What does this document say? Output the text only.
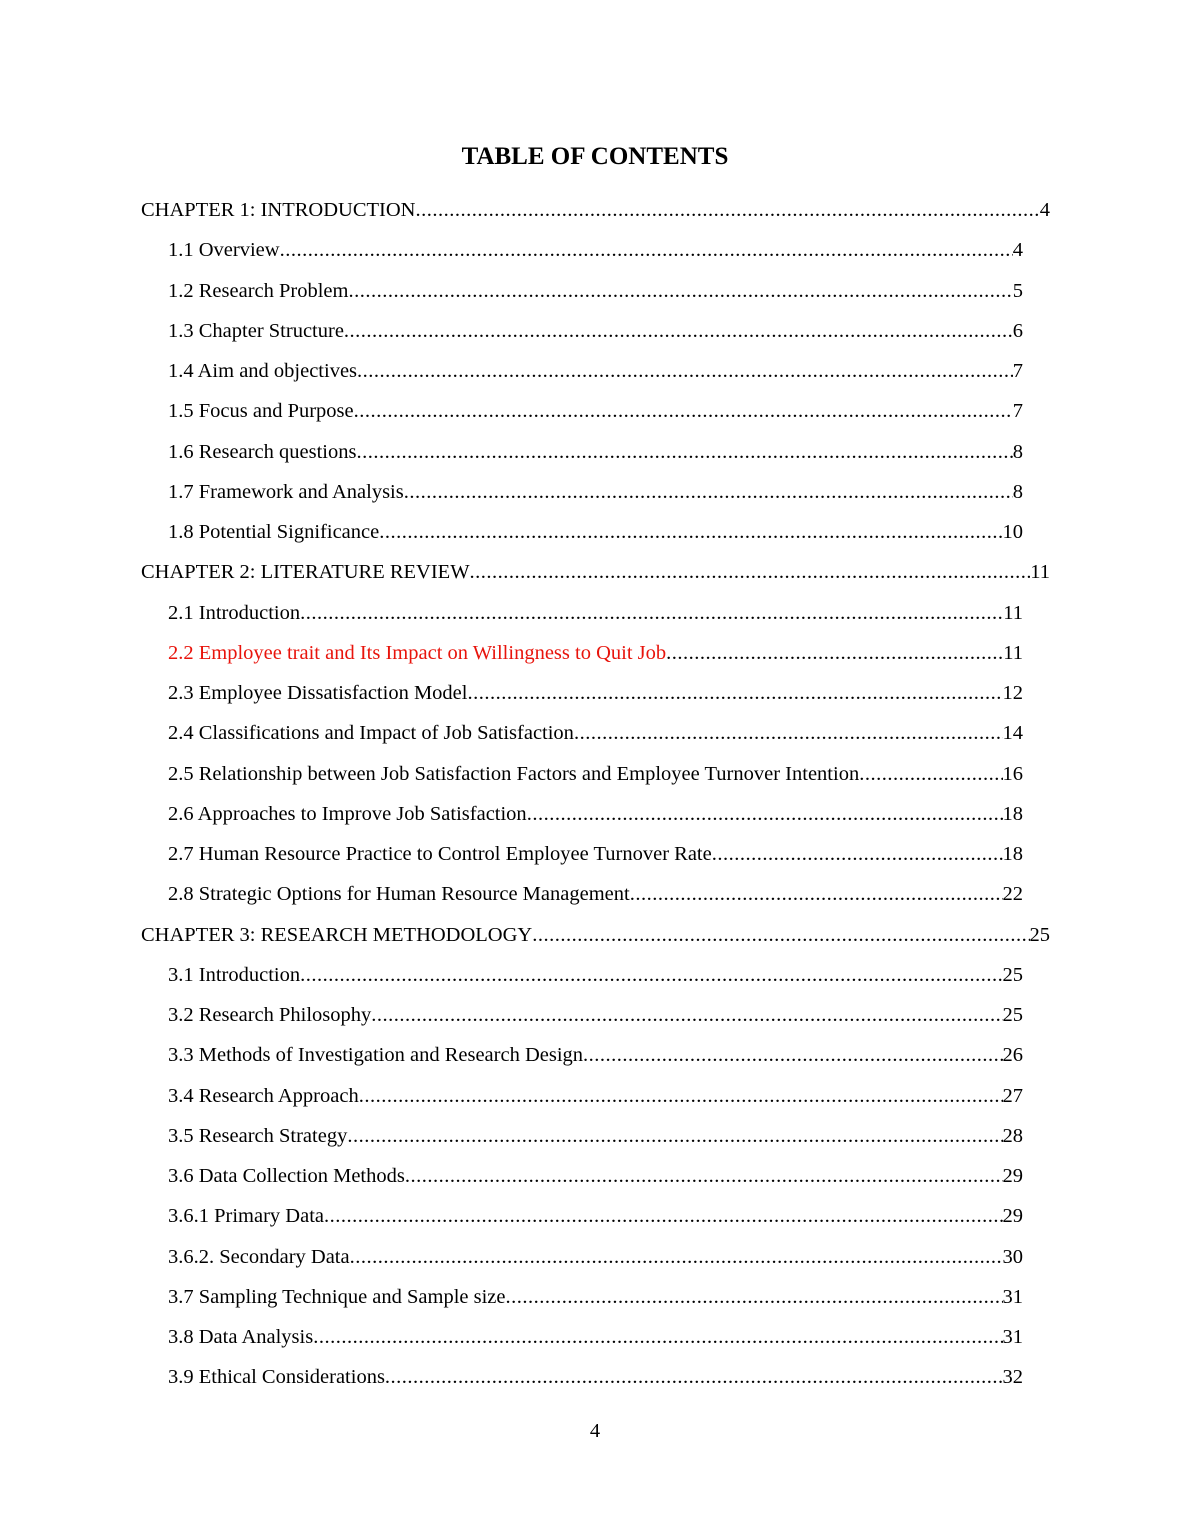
TABLE OF CONTENTS
CHAPTER 1: INTRODUCTION .....	4
1.1 Overview .....	4
1.2 Research Problem .....	5
1.3 Chapter Structure .....	6
1.4 Aim and objectives .....	7
1.5 Focus and Purpose .....	7
1.6 Research questions .....	8
1.7 Framework and Analysis .....	8
1.8 Potential Significance .....	10
CHAPTER 2: LITERATURE REVIEW .....	11
2.1 Introduction .....	11
2.2 Employee trait and Its Impact on Willingness to Quit Job .....	11
2.3 Employee Dissatisfaction Model .....	12
2.4 Classifications and Impact of Job Satisfaction .....	14
2.5 Relationship between Job Satisfaction Factors and Employee Turnover Intention .....	16
2.6 Approaches to Improve Job Satisfaction .....	18
2.7 Human Resource Practice to Control Employee Turnover Rate .....	18
2.8 Strategic Options for Human Resource Management .....	22
CHAPTER 3: RESEARCH METHODOLOGY .....	25
3.1 Introduction .....	25
3.2 Research Philosophy .....	25
3.3 Methods of Investigation and Research Design .....	26
3.4 Research Approach .....	27
3.5 Research Strategy .....	28
3.6 Data Collection Methods .....	29
3.6.1 Primary Data .....	29
3.6.2. Secondary Data .....	30
3.7 Sampling Technique and Sample size .....	31
3.8 Data Analysis .....	31
3.9 Ethical Considerations .....	32
4
